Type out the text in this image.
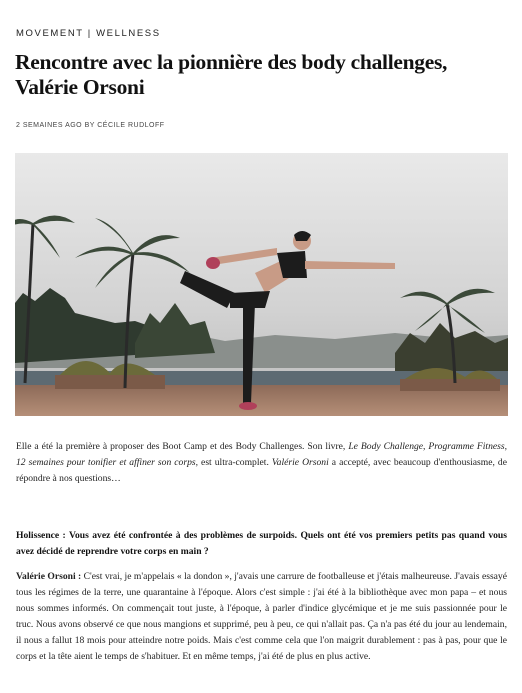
MOVEMENT | WELLNESS
Rencontre avec la pionnière des body challenges, Valérie Orsoni
2 SEMAINES AGO BY CÉCILE RUDLOFF

Elle a été la première à proposer des Boot Camp et des Body Challenges. Son livre, Le Body Challenge, Programme Fitness, 12 semaines pour tonifier et affiner son corps, est ultra-complet. Valérie Orsoni a accepté, avec beaucoup d'enthousiasme, de répondre à nos questions…

Holissence : Vous avez été confrontée à des problèmes de surpoids. Quels ont été vos premiers petits pas quand vous avez décidé de reprendre votre corps en main ?

Valérie Orsoni : C'est vrai, je m'appelais « la dondon », j'avais une carrure de footballeuse et j'étais malheureuse. J'avais essayé tous les régimes de la terre, une quarantaine à l'époque. Alors c'est simple : j'ai été à la bibliothèque avec mon papa – et nous nous sommes informés. On commençait tout juste, à l'époque, à parler d'indice glycémique et je me suis passionnée pour le truc. Nous avons observé ce que nous mangions et supprimé, peu à peu, ce qui n'allait pas. Ça n'a pas été du jour au lendemain, il nous a fallut 18 mois pour atteindre notre poids. Mais c'est comme cela que l'on maigrit durablement : pas à pas, pour que le corps et la tête aient le temps de s'habituer. Et en même temps, j'ai été de plus en plus active.
